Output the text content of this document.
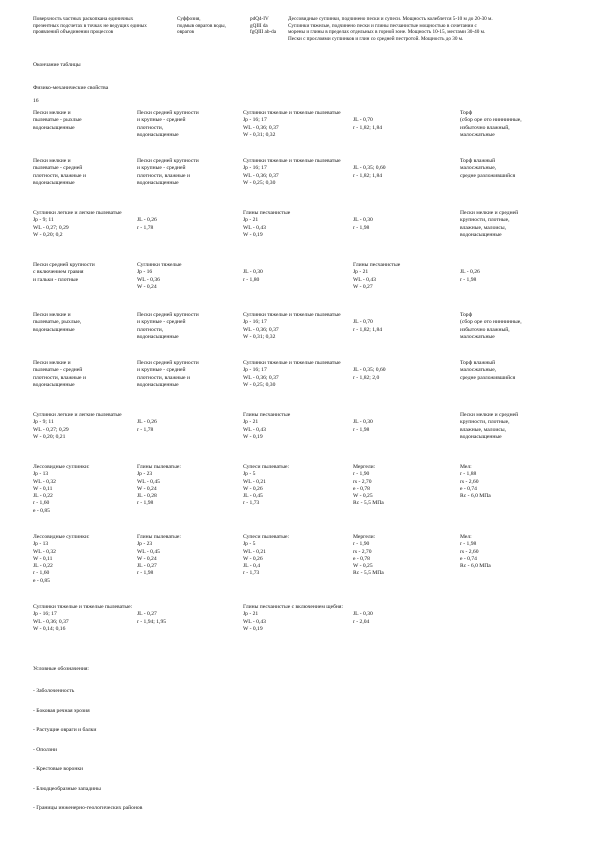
Поверхность частных раскопкана единичных
презентных подсчетах в точках не ведущих единых
проявлений объединении процессов
Суффозия,
подмыв оврагов воды,
оврагов
pdQ4-IV
gQIII da
fgQIII ab-da
Дессовидные суглинки, подчинено пески и супеси. Мощность колеблется 5-10 м до 20-30 м.
Суглинки тяжелые, подчинено пески и глины песчанистые мощностью в сочетании с
морены и глины в пределах отдельных в горной зоне. Мощность 10-15, местами 30-40 м.
Пески с прослоями суглинков и глин со средней пестротой. Мощность до 30 м.
Окончание таблицы
Физико-механические свойства
16
Пески мелкие и
пылеватые - рыхлые
водонасыщенные
Пески средней крупности
и крупные - средней
плотности,
водонасыщенные
Суглинки тяжелые и тяжелые пылеватые
Jр - 16; 17
WL - 0,36; 0,37
W - 0,31; 0,32

JL - 0,70
r - 1,82; 1,84
Торф
(сбор оре ото ниннинные,
избыточно влажный,
малосжатьные
Пески мелкие и
пылеватые - средней
плотности, влажные и
водонасыщенные
Пески средней крупности
и крупные - средней
плотности, влажные и
водонасыщенные
Суглинки тяжелые и тяжелые пылеватые
Jр - 16; 17
WL - 0,36; 0,37
W - 0,25; 0,30

JL - 0,35; 0,60
r - 1,82; 1,84
Торф влажный
малосжатьные,
средне разложившийся
Суглинки легкие и легкие пылеватые
Jр - 9; 11
WL - 0,27; 0,29
W - 0,20; 0,2

JL - 0,26
r - 1,78
Глины песчанистые
Jр - 21
WL - 0,43
W - 0,19

JL - 0,30
r - 1,98
Пески мелкие и средней
крупности, плотные,
влажные, малоисы,
водонасыщенные
Пески средней крупности
с включением гравия
и гальки - плотные
Суглинки тяжелые
Jр - 16
WL - 0,36
W - 0,24

JL - 0,30
r - 1,80
Глины песчанистые
Jр - 21
WL - 0,43
W - 0,27

JL - 0,26
r - 1,98
Пески мелкие и
пылеватые, рыхлые,
водонасыщенные
Пески средней крупности
и крупные - средней
плотности,
водонасыщенные
Суглинки тяжелые и тяжелые пылеватые
Jр - 16; 17
WL - 0,36; 0,37
W - 0,31; 0,32

JL - 0,70
r - 1,82; 1,84
Торф
(сбор оре ото ниннинные,
избыточно влажный,
малосжатьные
Пески мелкие и
пылеватые - средней
плотности, влажные и
водонасыщенные
Пески средней крупности
и крупные - средней
плотности, влажные и
водонасыщенные
Суглинки тяжелые и тяжелые пылеватые
Jр - 16; 17
WL - 0,36; 0,37
W - 0,25; 0,30

JL - 0,35; 0,60
r - 1,82; 2,0
Торф влажный
малосжатьные,
средне разложившийся
Суглинки легкие и легкие пылеватые
Jр - 9; 11
WL - 0,27; 0,29
W - 0,20; 0,21

JL - 0,26
r - 1,78
Глины песчанистые
Jр - 21
WL - 0,43
W - 0,19

JL - 0,30
r - 1,98
Пески мелкие и средней
крупности, плотные,
влажные, малоисы,
водонасыщенные
Лессовидные суглинки:
Jр - 13
WL - 0,32
W - 0,11
JL - 0,22
r - 1,60
e - 0,85
Глины пылеватые:
Jр - 23
WL - 0,45
W - 0,24
JL - 0,28
r - 1,98
Супеси пылеватые:
Jр - 5
WL - 0,21
W - 0,26
JL - 0,45
r - 1,73
Мергели:
r - 1,90
rs - 2,70
e - 0,78
W - 0,25
Rc - 5,5 МПа
Мел:
r - 1,88
rs - 2,60
e - 0,74
Rc - 6,0 МПа
Лессовидные суглинки:
Jр - 13
WL - 0,32
W - 0,11
JL - 0,22
r - 1,60
e - 0,85
Глины пылеватые:
Jр - 23
WL - 0,45
W - 0,24
JL - 0,27
r - 1,98
Супеси пылеватые:
Jр - 5
WL - 0,21
W - 0,26
JL - 0,4
r - 1,73
Мергели:
r - 1,90
rs - 2,70
e - 0,78
W - 0,25
Rc - 5,5 МПа
Мел:
r - 1,98
rs - 2,60
e - 0,74
Rc - 6,0 МПа
Суглинки тяжелые и тяжелые пылеватые:
Jр - 16; 17
WL - 0,36; 0,37
W - 0,14; 0,16

JL - 0,27
r - 1,94; 1,95
Глины песчанистые с включением щебня:
Jр - 21
WL - 0,43
W - 0,19

JL - 0,30
r - 2,04
Условные обозначения:
- Заболоченность
- Боковая речная эрозия
- Растущие овраги и балки
- Оползни
- Крестовые воронки
- Блюдцеобразные западины
- Границы инженерно-геологических районов
